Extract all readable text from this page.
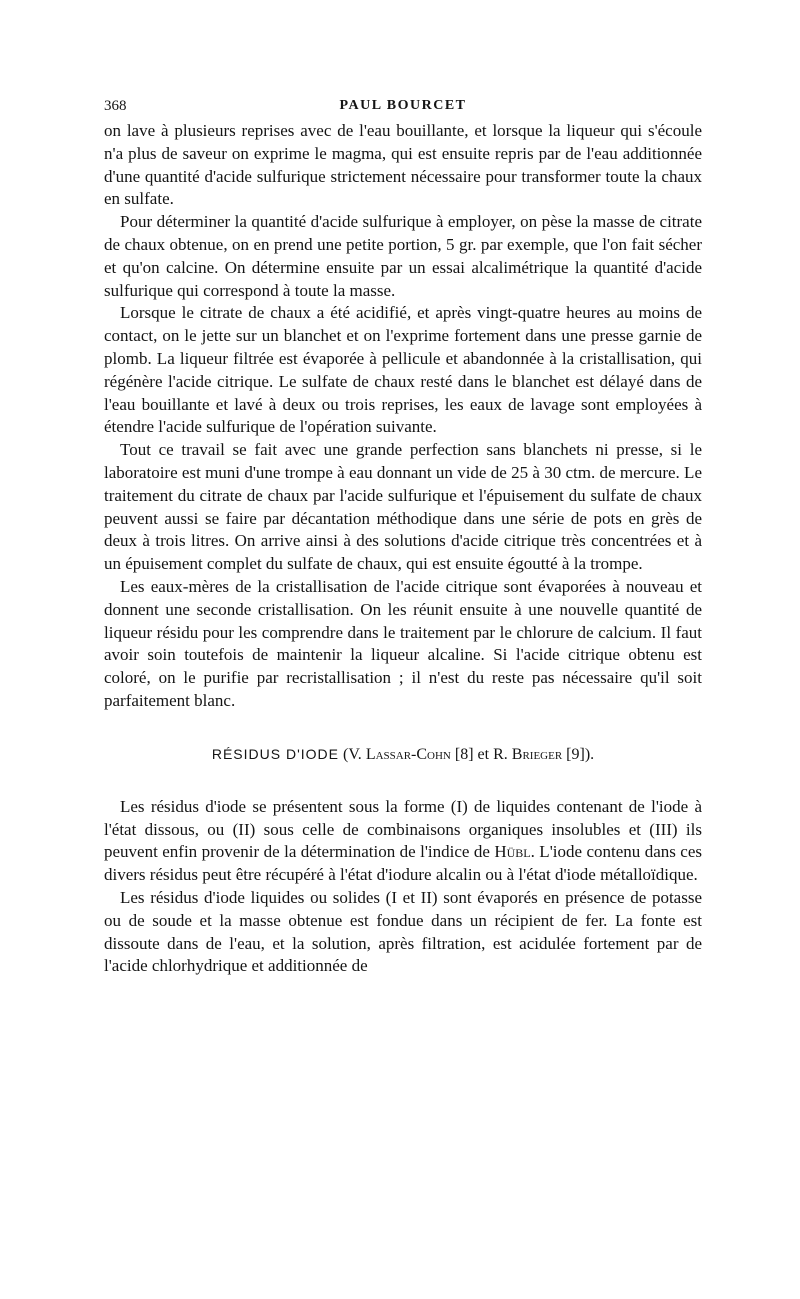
368	PAUL BOURCET

on lave à plusieurs reprises avec de l'eau bouillante, et lorsque la liqueur qui s'écoule n'a plus de saveur on exprime le magma, qui est ensuite repris par de l'eau additionnée d'une quantité d'acide sulfurique strictement nécessaire pour transformer toute la chaux en sulfate.

Pour déterminer la quantité d'acide sulfurique à employer, on pèse la masse de citrate de chaux obtenue, on en prend une petite portion, 5 gr. par exemple, que l'on fait sécher et qu'on calcine. On détermine ensuite par un essai alcalimétrique la quantité d'acide sulfurique qui correspond à toute la masse.

Lorsque le citrate de chaux a été acidifié, et après vingt-quatre heures au moins de contact, on le jette sur un blanchet et on l'exprime fortement dans une presse garnie de plomb. La liqueur filtrée est évaporée à pellicule et abandonnée à la cristallisation, qui régénère l'acide citrique. Le sulfate de chaux resté dans le blanchet est délayé dans de l'eau bouillante et lavé à deux ou trois reprises, les eaux de lavage sont employées à étendre l'acide sulfurique de l'opération suivante.

Tout ce travail se fait avec une grande perfection sans blanchets ni presse, si le laboratoire est muni d'une trompe à eau donnant un vide de 25 à 30 ctm. de mercure. Le traitement du citrate de chaux par l'acide sulfurique et l'épuisement du sulfate de chaux peuvent aussi se faire par décantation méthodique dans une série de pots en grès de deux à trois litres. On arrive ainsi à des solutions d'acide citrique très concentrées et à un épuisement complet du sulfate de chaux, qui est ensuite égoutté à la trompe.

Les eaux-mères de la cristallisation de l'acide citrique sont évaporées à nouveau et donnent une seconde cristallisation. On les réunit ensuite à une nouvelle quantité de liqueur résidu pour les comprendre dans le traitement par le chlorure de calcium. Il faut avoir soin toutefois de maintenir la liqueur alcaline. Si l'acide citrique obtenu est coloré, on le purifie par recristallisation ; il n'est du reste pas nécessaire qu'il soit parfaitement blanc.

RÉSIDUS D'IODE (V. Lassar-Cohn [8] et R. Brieger [9]).

Les résidus d'iode se présentent sous la forme (I) de liquides contenant de l'iode à l'état dissous, ou (II) sous celle de combinaisons organiques insolubles et (III) ils peuvent enfin provenir de la détermination de l'indice de Hübl. L'iode contenu dans ces divers résidus peut être récupéré à l'état d'iodure alcalin ou à l'état d'iode métalloïdique.

Les résidus d'iode liquides ou solides (I et II) sont évaporés en présence de potasse ou de soude et la masse obtenue est fondue dans un récipient de fer. La fonte est dissoute dans de l'eau, et la solution, après filtration, est acidulée fortement par de l'acide chlorhydrique et additionnée de
